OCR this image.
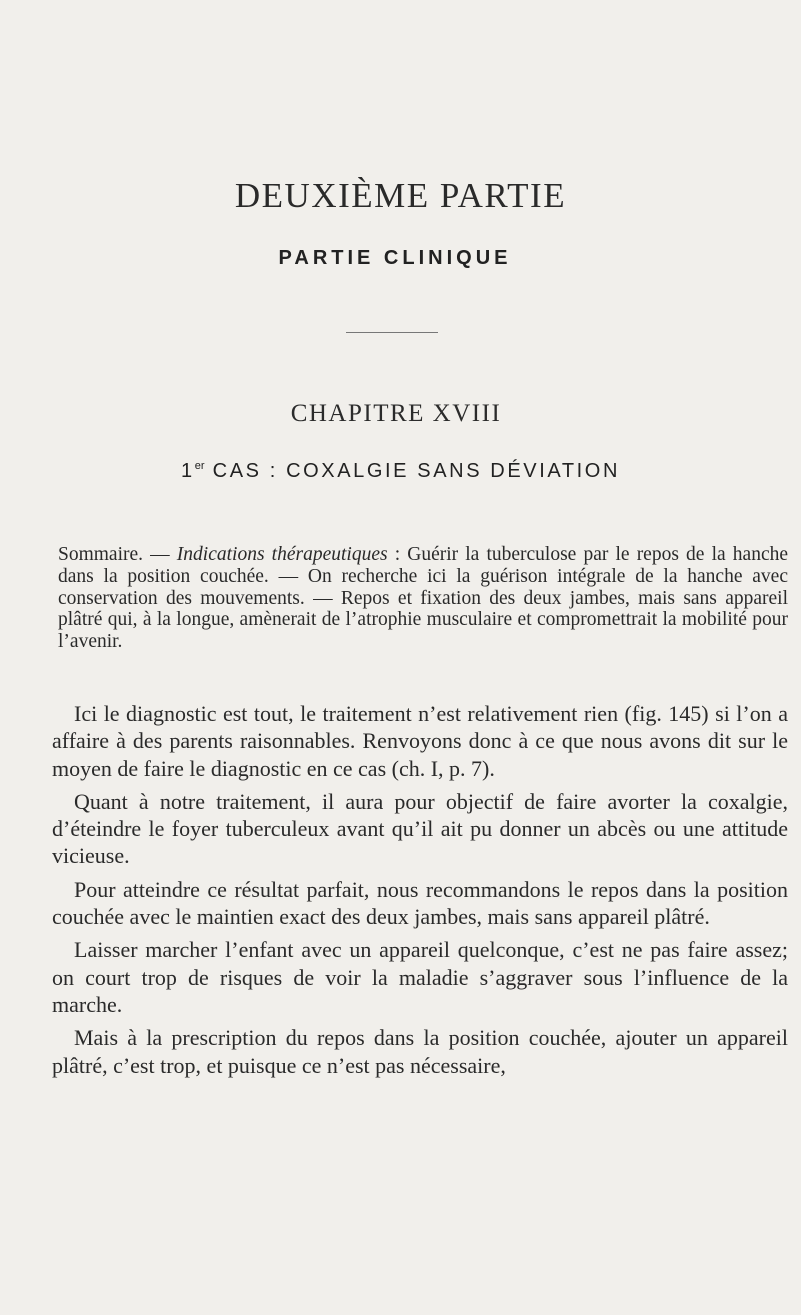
DEUXIÈME PARTIE
PARTIE CLINIQUE
CHAPITRE XVIII
1er CAS : COXALGIE SANS DÉVIATION
Sommaire. — Indications thérapeutiques : Guérir la tuberculose par le repos de la hanche dans la position couchée. — On recherche ici la guérison intégrale de la hanche avec conservation des mouvements. — Repos et fixation des deux jambes, mais sans appareil plâtré qui, à la longue, amènerait de l’atrophie musculaire et compromettrait la mobilité pour l’avenir.

Ici le diagnostic est tout, le traitement n’est relativement rien (fig. 145) si l’on a affaire à des parents raisonnables. Renvoyons donc à ce que nous avons dit sur le moyen de faire le diagnostic en ce cas (ch. I, p. 7).

Quant à notre traitement, il aura pour objectif de faire avorter la coxalgie, d’éteindre le foyer tuberculeux avant qu’il ait pu donner un abcès ou une attitude vicieuse.

Pour atteindre ce résultat parfait, nous recommandons le repos dans la position couchée avec le maintien exact des deux jambes, mais sans appareil plâtré.

Laisser marcher l’enfant avec un appareil quelconque, c’est ne pas faire assez; on court trop de risques de voir la maladie s’aggraver sous l’influence de la marche.

Mais à la prescription du repos dans la position couchée, ajouter un appareil plâtré, c’est trop, et puisque ce n’est pas nécessaire,
